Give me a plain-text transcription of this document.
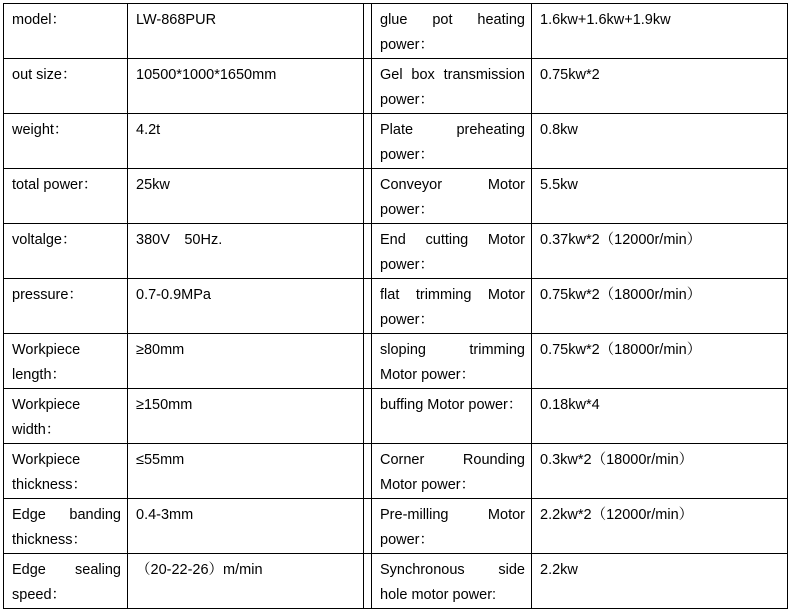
model：	LW-868PUR		glue pot heating power：	1.6kw+1.6kw+1.9kw
out size：	10500*1000*1650mm		Gel box transmission power：	0.75kw*2
weight：	4.2t		Plate preheating power：	0.8kw
total power：	25kw		Conveyor Motor power：	5.5kw
voltalge：	380V　50Hz.		End cutting Motor power：	0.37kw*2（12000r/min）
pressure：	0.7-0.9MPa		flat trimming Motor power：	0.75kw*2（18000r/min）
Workpiece length：	≥80mm		sloping trimming Motor power：	0.75kw*2（18000r/min）
Workpiece width：	≥150mm		buffing Motor power：	0.18kw*4
Workpiece thickness：	≤55mm		Corner Rounding Motor power：	0.3kw*2（18000r/min）
Edge banding thickness：	0.4-3mm		Pre-milling Motor power：	2.2kw*2（12000r/min）
Edge sealing speed：	（20-22-26）m/min		Synchronous side hole motor power:	2.2kw
